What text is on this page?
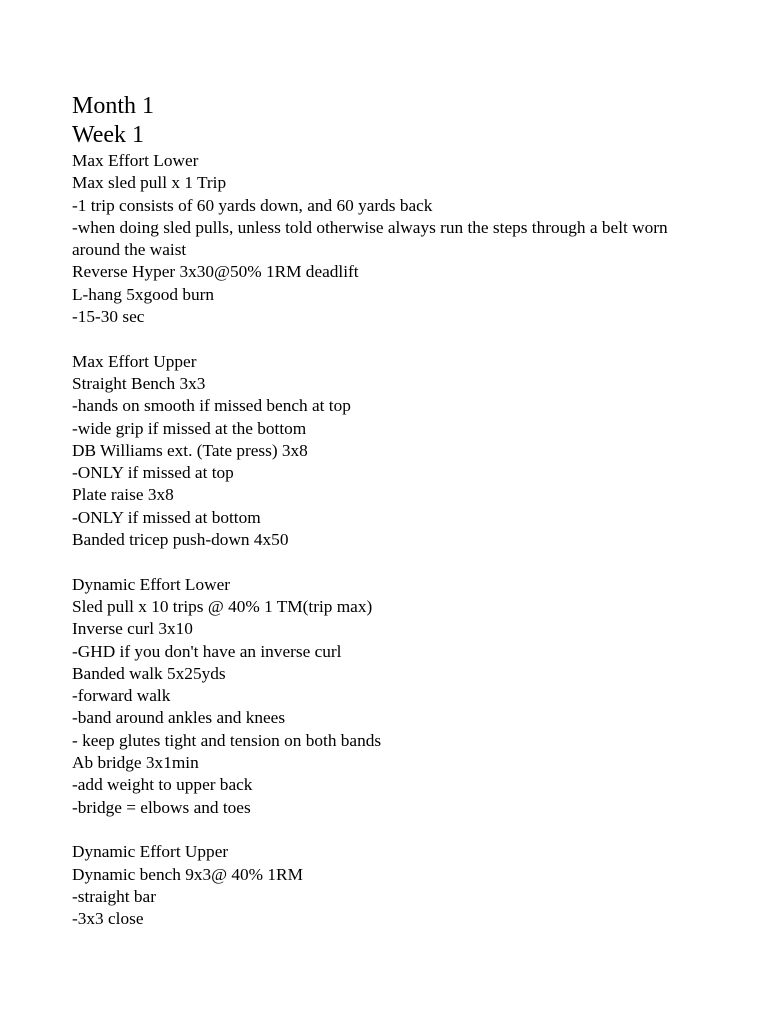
Month 1
Week 1

Max Effort Lower

Max sled pull x 1 Trip

-1 trip consists of 60 yards down, and 60 yards back

-when doing sled pulls, unless told otherwise always run the steps through a belt worn around the waist

Reverse Hyper 3x30@50% 1RM deadlift

L-hang 5xgood burn

-15-30 sec

Max Effort Upper

Straight Bench 3x3

-hands on smooth if missed bench at top

-wide grip if missed at the bottom

DB Williams ext. (Tate press) 3x8

-ONLY if missed at top

Plate raise 3x8

-ONLY if missed at bottom

Banded tricep push-down 4x50

Dynamic Effort Lower

Sled pull x 10 trips @ 40% 1 TM(trip max)

Inverse curl 3x10

-GHD if you don't have an inverse curl

Banded walk 5x25yds

-forward walk

-band around ankles and knees

- keep glutes tight and tension on both bands

Ab bridge 3x1min

-add weight to upper back

-bridge = elbows and toes

Dynamic Effort Upper

Dynamic bench 9x3@ 40% 1RM

-straight bar

-3x3 close
